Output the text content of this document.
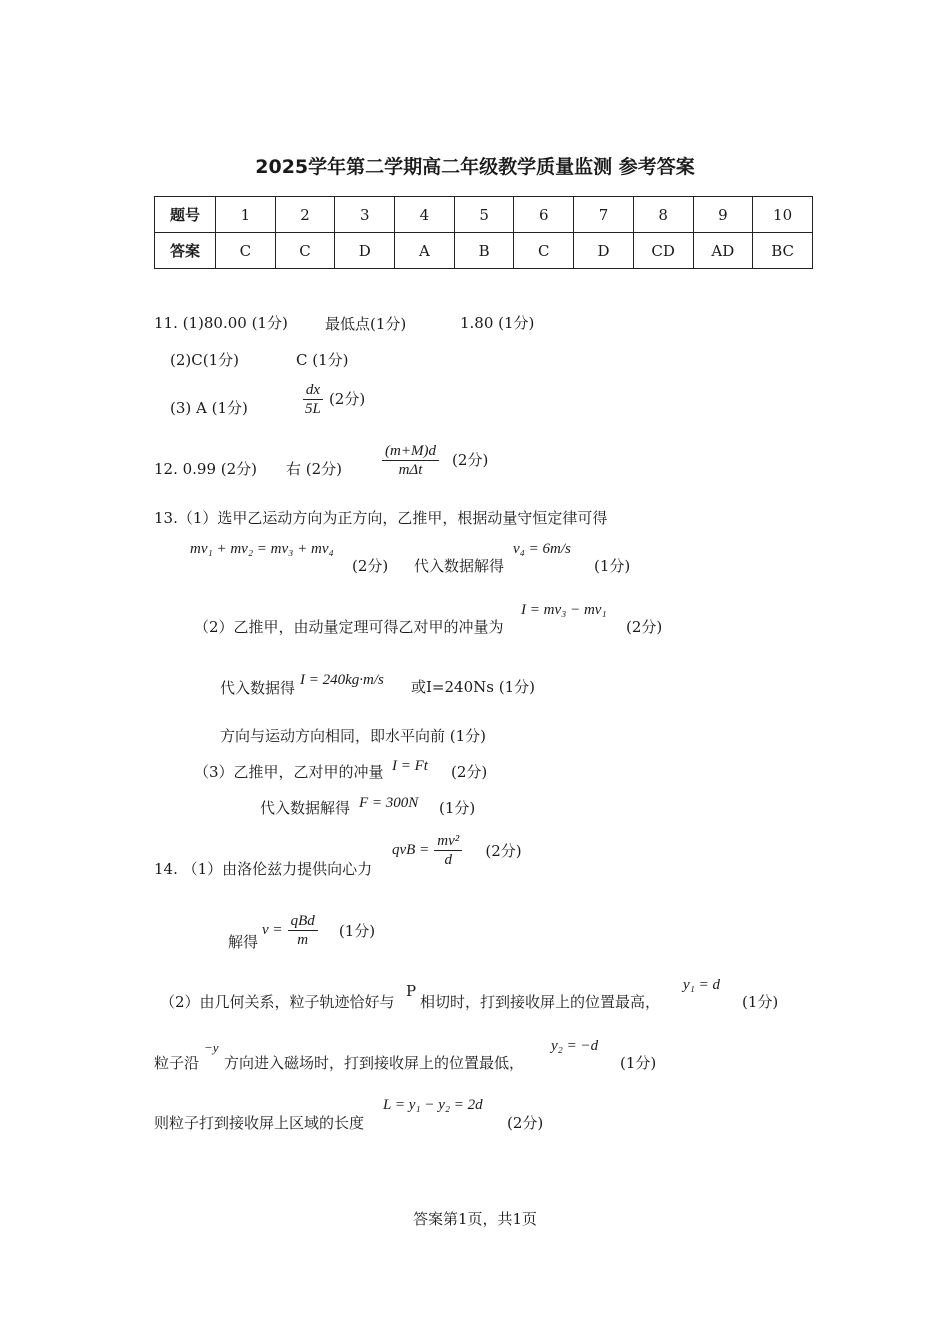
2025学年第二学期高二年级教学质量监测 参考答案
题号	1	2	3	4	5	6	7	8	9	10
答案	C	C	D	A	B	C	D	CD	AD	BC
11. (1)80.00 (1分) 最低点(1分)	1.80 (1分)
(2)C(1分)	C (1分)
(3) A (1分)	$\frac{dx}{5L} (2$分)
12. 0.99 (2分) 右 (2分)	$\frac{(m+M)d}{\text{mΔt}} (2$分)
13.（1）选甲乙运动方向为正方向，乙推甲，根据动量守恒定律可得
mv₁ + mv₂ = mv₃ + mv₄
(2分) 代入数据解得
v₄ = 6m/s
(1分)
（2）乙推甲，由动量定理可得乙对甲的冲量为
I = mv₃ − mv₁
(2分)
代入数据得 I = 240kg·m/s 或I=240Ns (1分)
方向与运动方向相同，即水平向前 (1分)
（3）乙推甲，乙对甲的冲量 I = Ft (2分)
代入数据解得 F = 300N (1分)
14. （1）由洛伦兹力提供向心力
qvB = $\frac{\text{mv²}}{d} (2$分)
解得
$v = \frac{\text{qBd}}{m} (1$分)
（2）由几何关系，粒子轨迹恰好与
P
相切时，打到接收屏上的位置最高，
y₁ = d
(1分)
粒子沿
−y
方向进入磁场时，打到接收屏上的位置最低，
y₂ = −d
(1分)
则粒子打到接收屏上区域的长度
L = y₁ − y₂ = 2d
(2分)
答案第1页，共1页
